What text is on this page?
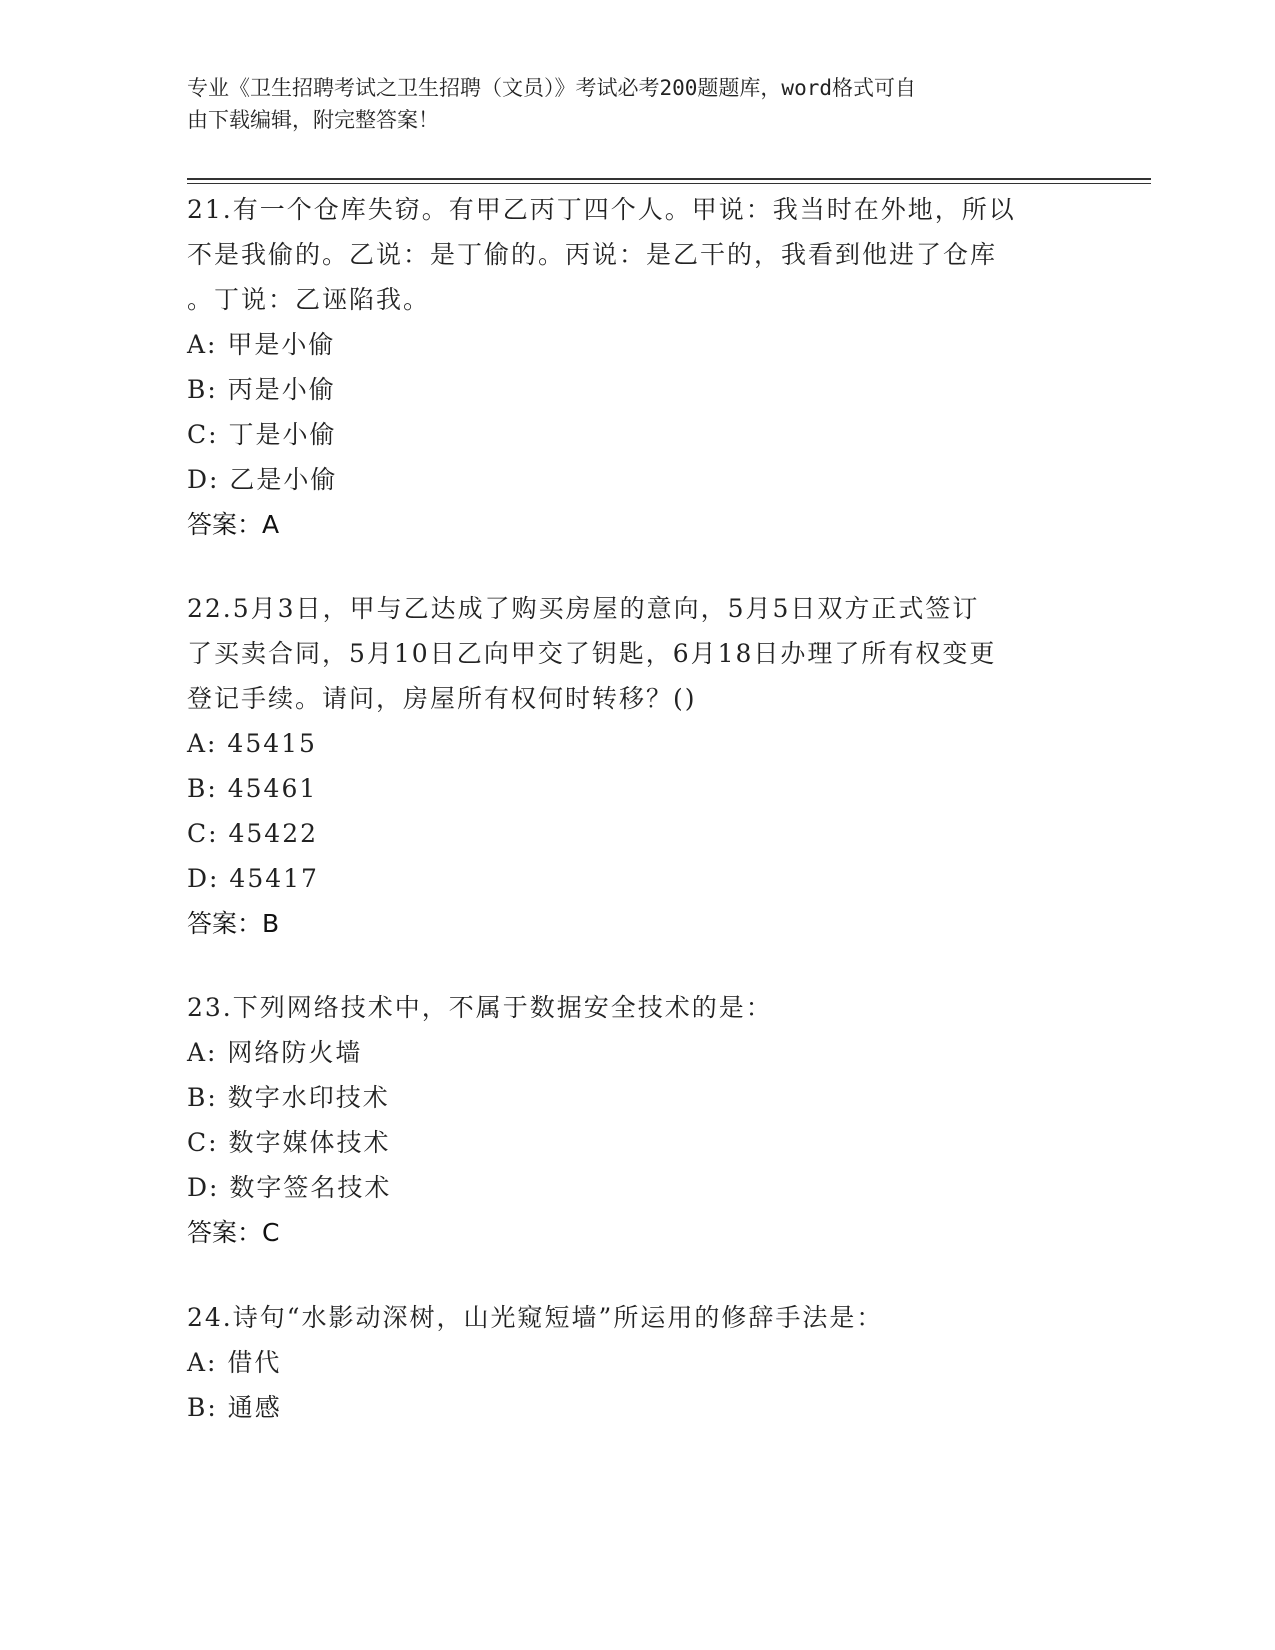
专业《卫生招聘考试之卫生招聘（文员）》考试必考200题题库，word格式可自
由下载编辑，附完整答案！
21.有一个仓库失窃。有甲乙丙丁四个人。甲说：我当时在外地，所以
不是我偷的。乙说：是丁偷的。丙说：是乙干的，我看到他进了仓库
。丁说：乙诬陷我。
A: 甲是小偷
B: 丙是小偷
C: 丁是小偷
D: 乙是小偷
答案：A
22.5月3日，甲与乙达成了购买房屋的意向，5月5日双方正式签订
了买卖合同，5月10日乙向甲交了钥匙，6月18日办理了所有权变更
登记手续。请问，房屋所有权何时转移？()
A: 45415
B: 45461
C: 45422
D: 45417
答案：B
23.下列网络技术中，不属于数据安全技术的是：
A: 网络防火墙
B: 数字水印技术
C: 数字媒体技术
D: 数字签名技术
答案：C
24.诗句“水影动深树，山光窥短墙”所运用的修辞手法是：
A: 借代
B: 通感
